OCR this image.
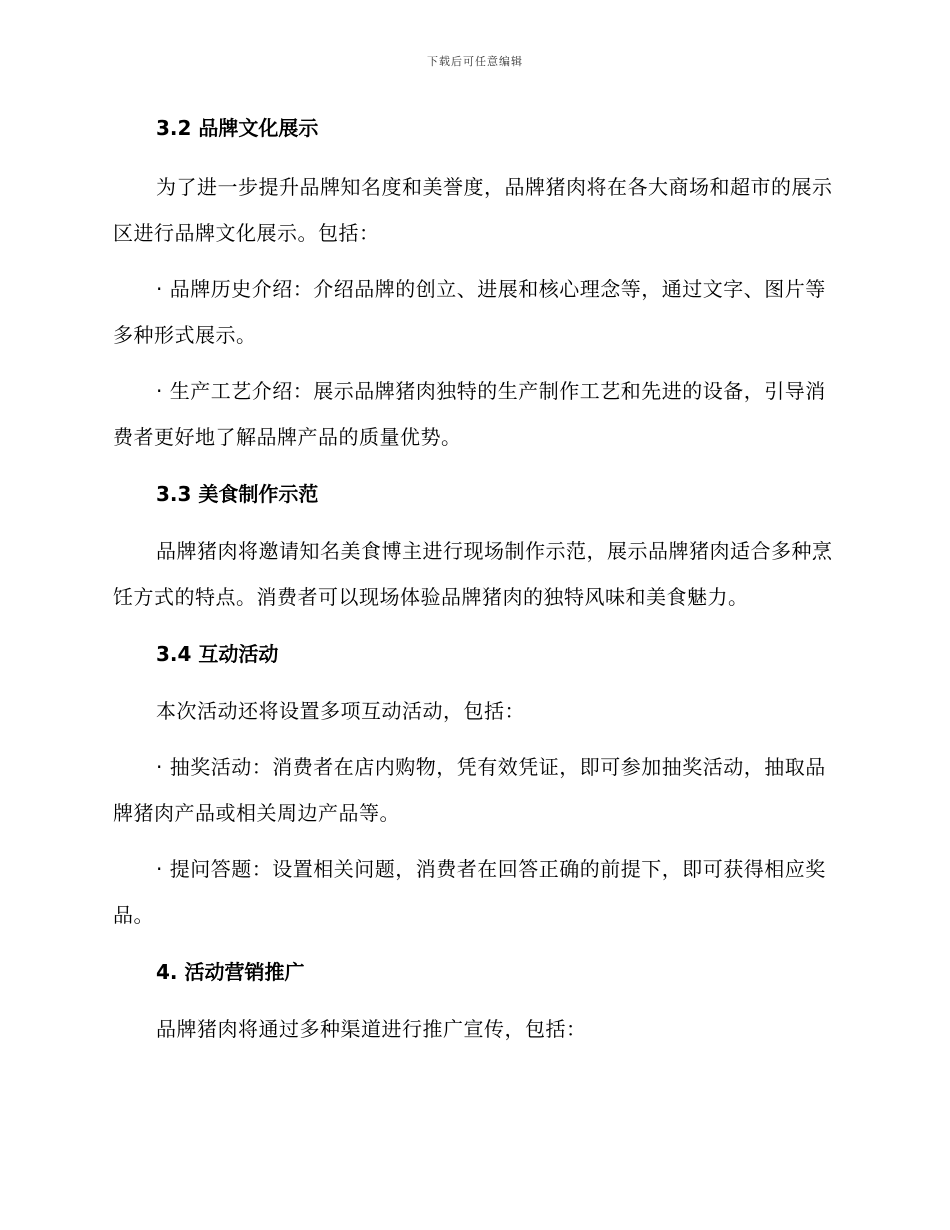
下载后可任意编辑
3.2 品牌文化展示

为了进一步提升品牌知名度和美誉度，品牌猪肉将在各大商场和超市的展示区进行品牌文化展示。包括：

· 品牌历史介绍：介绍品牌的创立、进展和核心理念等，通过文字、图片等多种形式展示。

· 生产工艺介绍：展示品牌猪肉独特的生产制作工艺和先进的设备，引导消费者更好地了解品牌产品的质量优势。

3.3 美食制作示范

品牌猪肉将邀请知名美食博主进行现场制作示范，展示品牌猪肉适合多种烹饪方式的特点。消费者可以现场体验品牌猪肉的独特风味和美食魅力。

3.4 互动活动

本次活动还将设置多项互动活动，包括：

· 抽奖活动：消费者在店内购物，凭有效凭证，即可参加抽奖活动，抽取品牌猪肉产品或相关周边产品等。

· 提问答题：设置相关问题，消费者在回答正确的前提下，即可获得相应奖品。

4. 活动营销推广

品牌猪肉将通过多种渠道进行推广宣传，包括：
